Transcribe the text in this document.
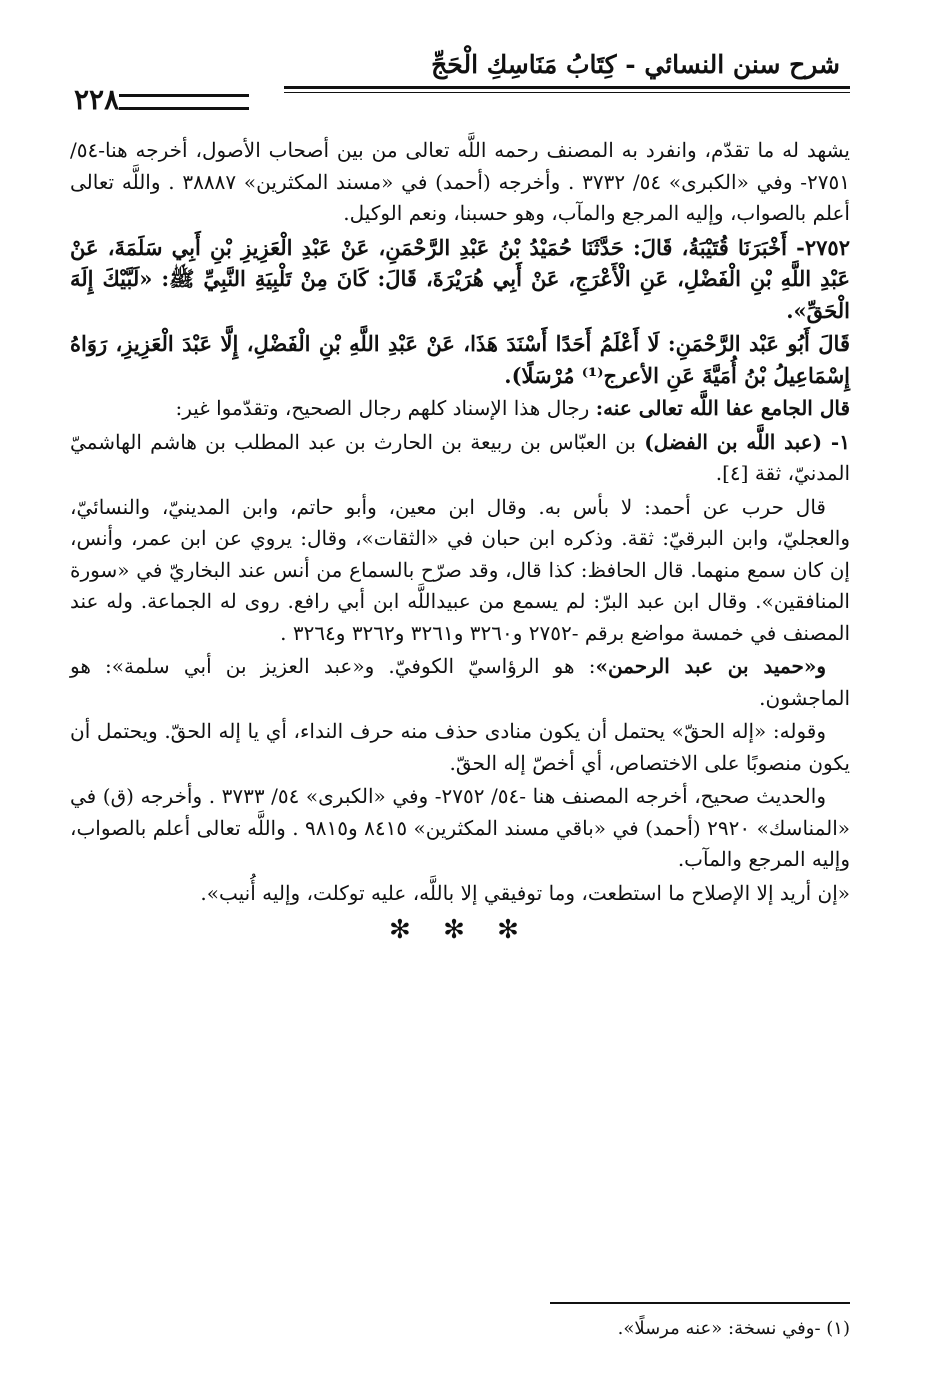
شرح سنن النسائي - كِتَابُ مَنَاسِكِ الْحَجِّ
٢٢٨

يشهد له ما تقدّم، وانفرد به المصنف رحمه اللَّه تعالى من بين أصحاب الأصول، أخرجه هنا-٥٤/ ٢٧٥١- وفي «الكبرى» ٥٤/ ٣٧٣٢ . وأخرجه (أحمد) في «مسند المكثرين» ٣٨٨٨٧ . واللَّه تعالى أعلم بالصواب، وإليه المرجع والمآب، وهو حسبنا، ونعم الوكيل.

٢٧٥٢- أَخْبَرَنَا قُتَيْبَةُ، قَالَ: حَدَّثَنَا حُمَيْدُ بْنُ عَبْدِ الرَّحْمَنِ، عَنْ عَبْدِ الْعَزِيزِ بْنِ أَبِي سَلَمَةَ، عَنْ عَبْدِ اللَّهِ بْنِ الْفَضْلِ، عَنِ الْأَعْرَجِ، عَنْ أَبِي هُرَيْرَةَ، قَالَ: كَانَ مِنْ تَلْبِيَةِ النَّبِيِّ ﷺ: «لَبَّيْكَ إِلَهَ الْحَقِّ».

قَالَ أَبُو عَبْد الرَّحْمَنِ: لَا أَعْلَمُ أَحَدًا أَسْنَدَ هَذَا، عَنْ عَبْدِ اللَّهِ بْنِ الْفَضْلِ، إِلَّا عَبْدَ الْعَزِيزِ، رَوَاهُ إِسْمَاعِيلُ بْنُ أُمَيَّةَ عَنِ الأعرج⁽¹⁾ مُرْسَلًا).

قال الجامع عفا اللَّه تعالى عنه: رجال هذا الإسناد كلهم رجال الصحيح، وتقدّموا غير:

١- (عبد اللَّه بن الفضل) بن العبّاس بن ربيعة بن الحارث بن عبد المطلب بن هاشم الهاشميّ المدنيّ، ثقة [٤].

قال حرب عن أحمد: لا بأس به. وقال ابن معين، وأبو حاتم، وابن المدينيّ، والنسائيّ، والعجليّ، وابن البرقيّ: ثقة. وذكره ابن حبان في «الثقات»، وقال: يروي عن ابن عمر، وأنس، إن كان سمع منهما. قال الحافظ: كذا قال، وقد صرّح بالسماع من أنس عند البخاريّ في «سورة المنافقين». وقال ابن عبد البرّ: لم يسمع من عبيداللَّه ابن أبي رافع. روى له الجماعة. وله عند المصنف في خمسة مواضع برقم -٢٧٥٢ و٣٢٦٠ و٣٢٦١ و٣٢٦٢ و٣٢٦٤ .

و«حميد بن عبد الرحمن»: هو الرؤاسيّ الكوفيّ. و«عبد العزيز بن أبي سلمة»: هو الماجشون.

وقوله: «إله الحقّ» يحتمل أن يكون منادى حذف منه حرف النداء، أي يا إله الحقّ. ويحتمل أن يكون منصوبًا على الاختصاص، أي أخصّ إله الحقّ.

والحديث صحيح، أخرجه المصنف هنا -٥٤/ ٢٧٥٢- وفي «الكبرى» ٥٤/ ٣٧٣٣ . وأخرجه (ق) في «المناسك» ٢٩٢٠ (أحمد) في «باقي مسند المكثرين» ٨٤١٥ و٩٨١٥ . واللَّه تعالى أعلم بالصواب، وإليه المرجع والمآب.

«إن أريد إلا الإصلاح ما استطعت، وما توفيقي إلا باللَّه، عليه توكلت، وإليه أُنيب».

✻ ✻ ✻
(١) -وفي نسخة: «عنه مرسلًا».
